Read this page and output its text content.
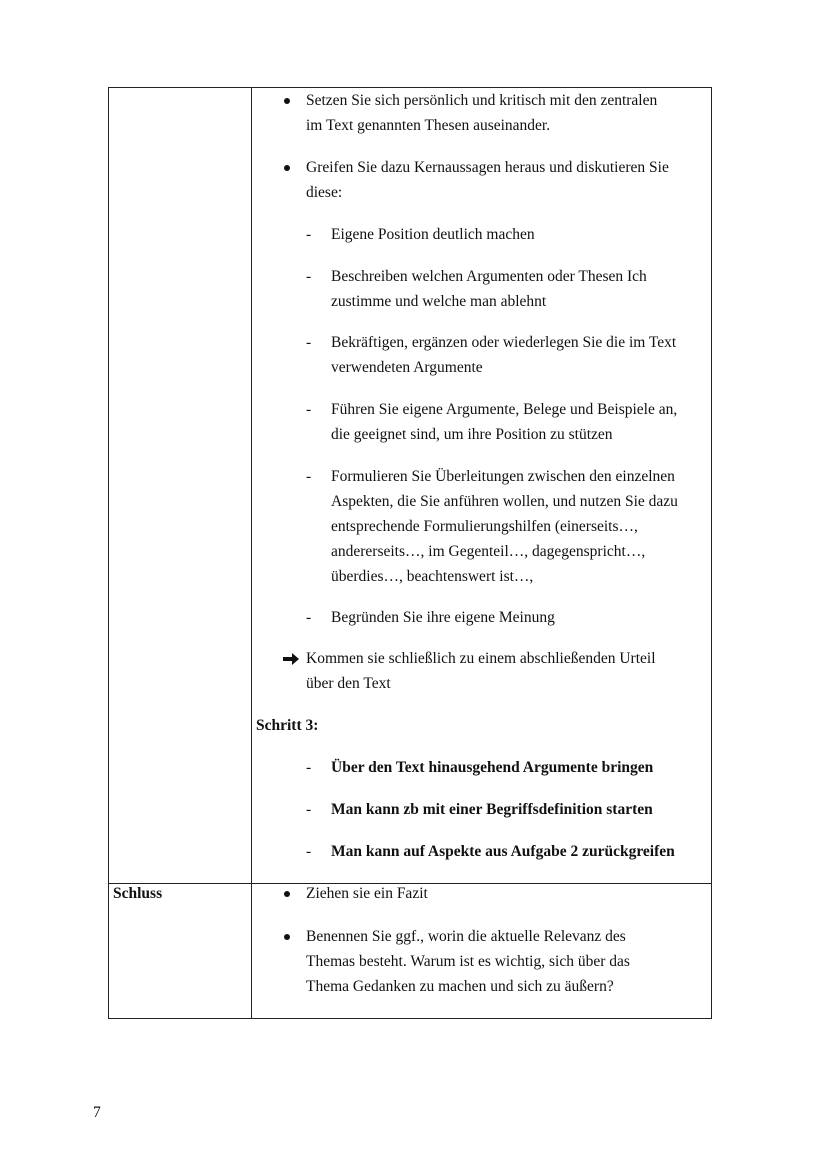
Setzen Sie sich persönlich und kritisch mit den zentralen
im Text genannten Thesen auseinander.
Greifen Sie dazu Kernaussagen heraus und diskutieren Sie
diese:
- Eigene Position deutlich machen
- Beschreiben welchen Argumenten oder Thesen Ich
zustimme und welche man ablehnt
- Bekräftigen, ergänzen oder wiederlegen Sie die im Text
verwendeten Argumente
- Führen Sie eigene Argumente, Belege und Beispiele an,
die geeignet sind, um ihre Position zu stützen
- Formulieren Sie Überleitungen zwischen den einzelnen
Aspekten, die Sie anführen wollen, und nutzen Sie dazu
entsprechende Formulierungshilfen (einerseits…,
andererseits…, im Gegenteil…, dagegenspricht…,
überdies…, beachtenswert ist…,
- Begründen Sie ihre eigene Meinung
Kommen sie schließlich zu einem abschließenden Urteil
über den Text
Schritt 3:
- Über den Text hinausgehend Argumente bringen
- Man kann zb mit einer Begriffsdefinition starten
- Man kann auf Aspekte aus Aufgabe 2 zurückgreifen
Schluss	Ziehen sie ein Fazit
Benennen Sie ggf., worin die aktuelle Relevanz des
Themas besteht. Warum ist es wichtig, sich über das
Thema Gedanken zu machen und sich zu äußern?
7
